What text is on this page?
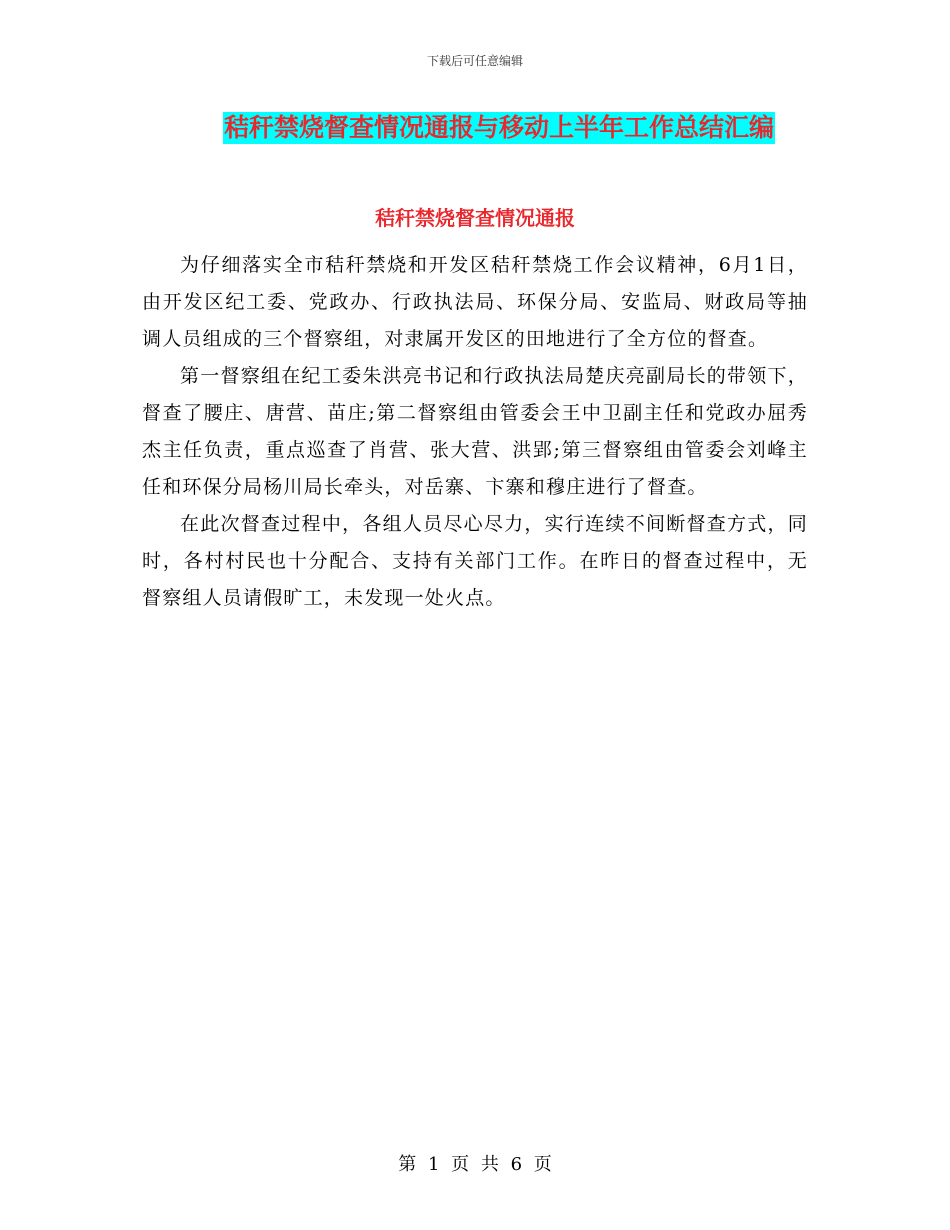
下载后可任意编辑
秸秆禁烧督查情况通报与移动上半年工作总结汇编
秸秆禁烧督查情况通报

为仔细落实全市秸秆禁烧和开发区秸秆禁烧工作会议精神，6月1日，由开发区纪工委、党政办、行政执法局、环保分局、安监局、财政局等抽调人员组成的三个督察组，对隶属开发区的田地进行了全方位的督查。

第一督察组在纪工委朱洪亮书记和行政执法局楚庆亮副局长的带领下，督查了腰庄、唐营、苗庄;第二督察组由管委会王中卫副主任和党政办屈秀杰主任负责，重点巡查了肖营、张大营、洪郢;第三督察组由管委会刘峰主任和环保分局杨川局长牵头，对岳寨、卞寨和穆庄进行了督查。

在此次督查过程中，各组人员尽心尽力，实行连续不间断督查方式，同时，各村村民也十分配合、支持有关部门工作。在昨日的督查过程中，无督察组人员请假旷工，未发现一处火点。

第 1 页 共 6 页
